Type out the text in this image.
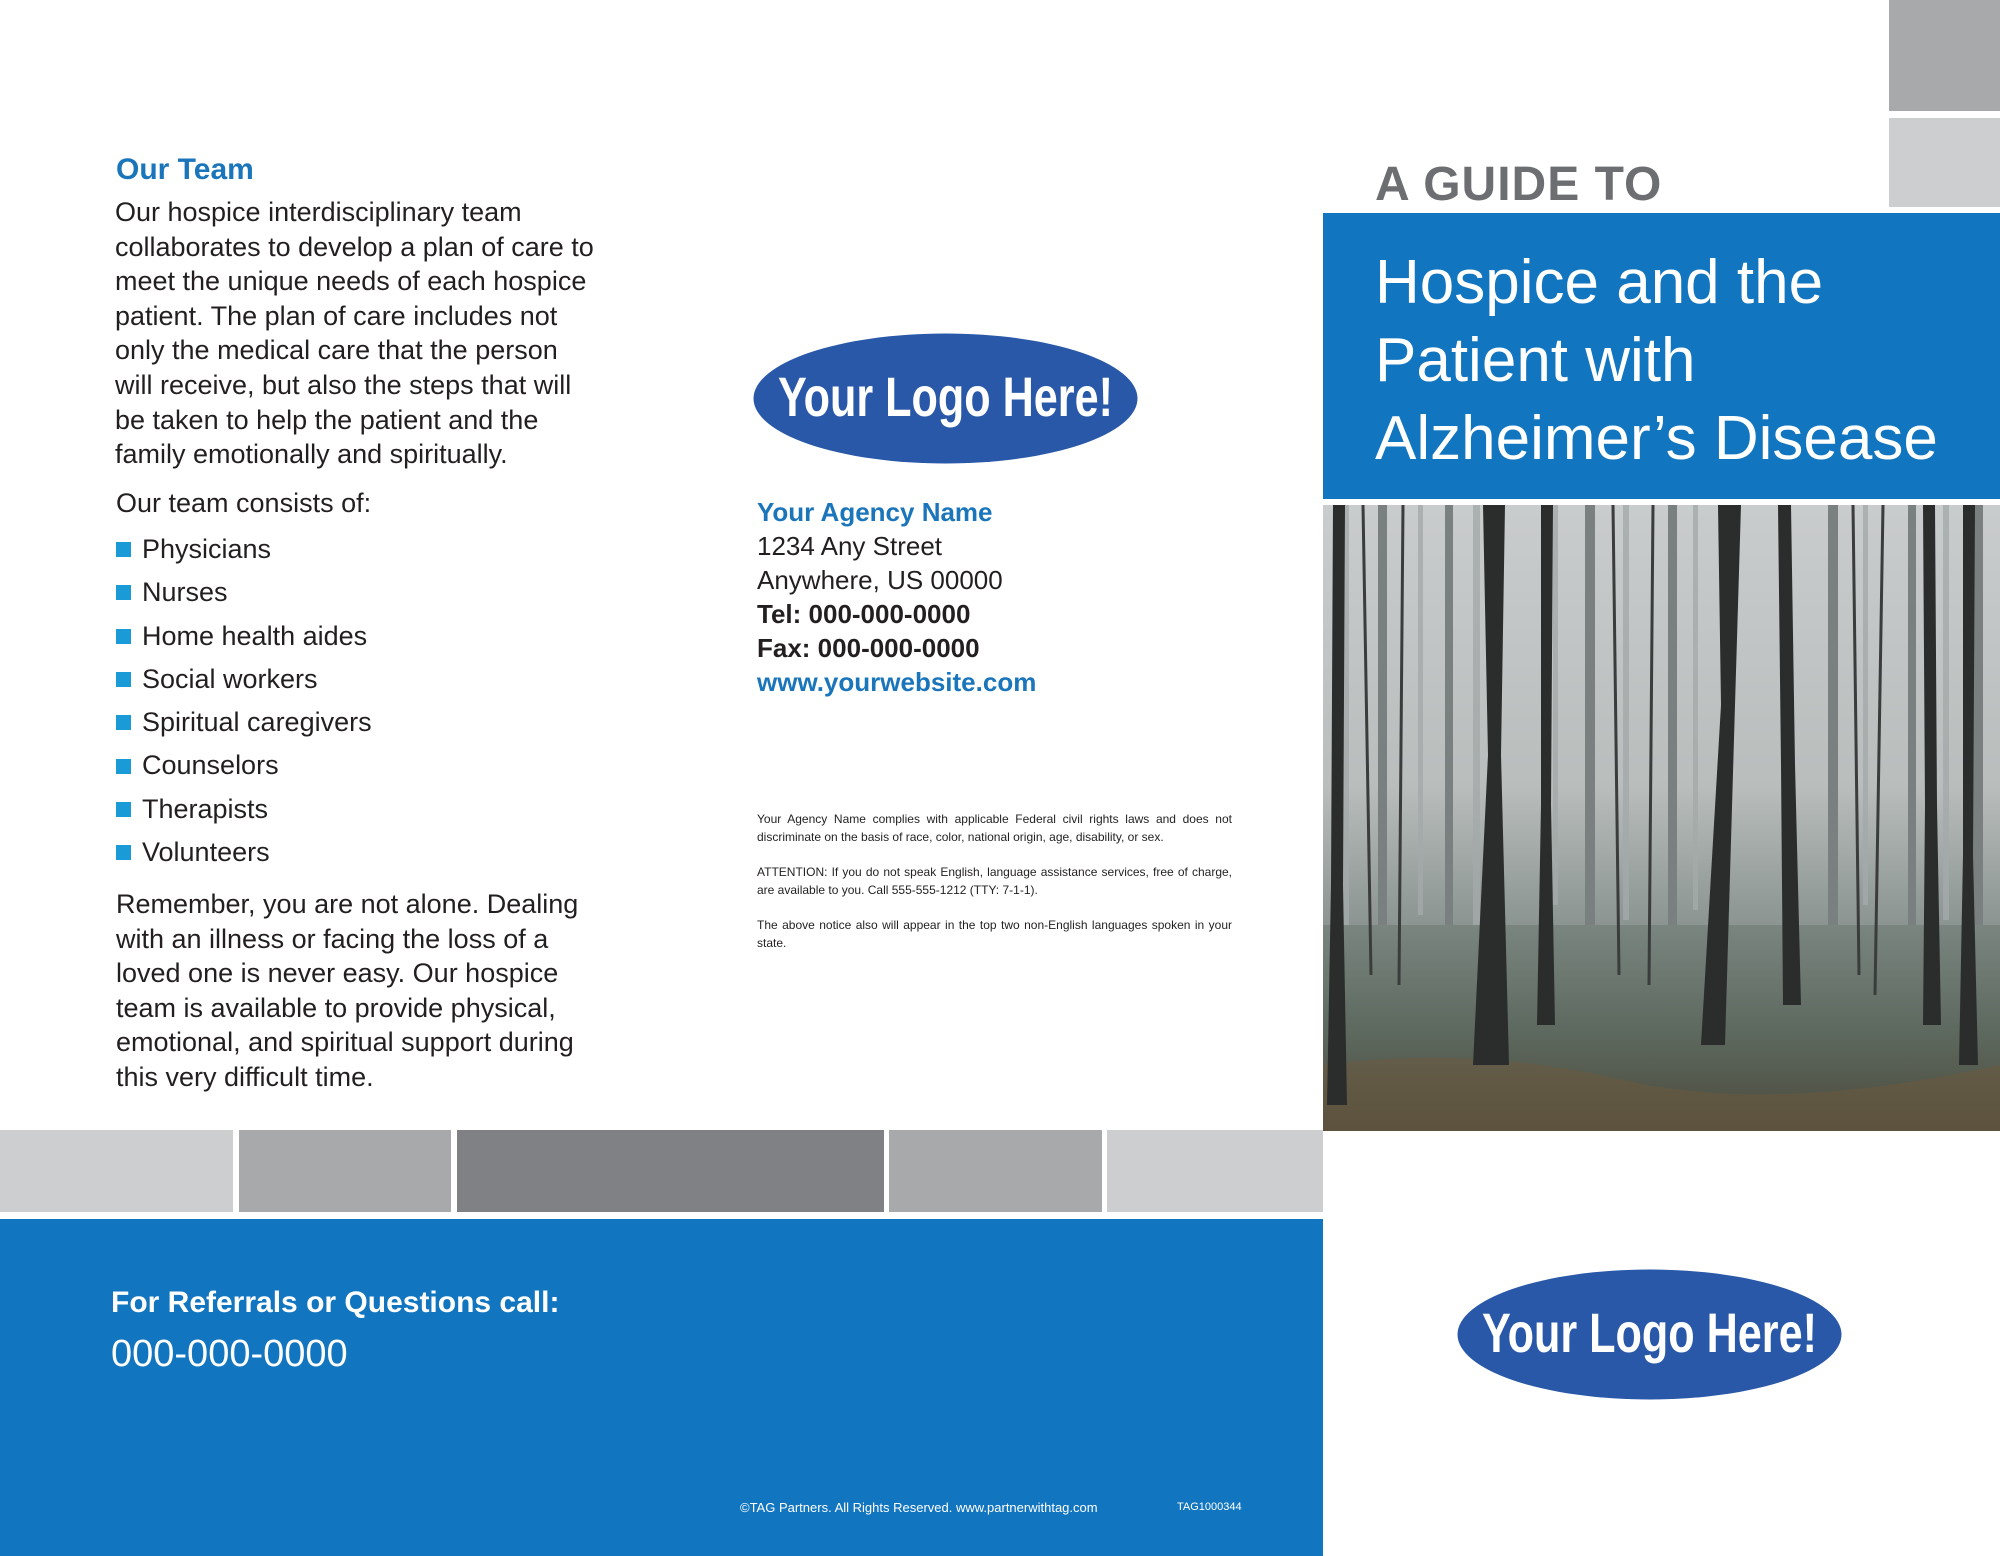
Our Team
Our hospice interdisciplinary team collaborates to develop a plan of care to meet the unique needs of each hospice patient. The plan of care includes not only the medical care that the person will receive, but also the steps that will be taken to help the patient and the family emotionally and spiritually.
Our team consists of:
Physicians
Nurses
Home health aides
Social workers
Spiritual caregivers
Counselors
Therapists
Volunteers
Remember, you are not alone. Dealing with an illness or facing the loss of a loved one is never easy. Our hospice team is available to provide physical, emotional, and spiritual support during this very difficult time.
For Referrals or Questions call:
000-000-0000
©TAG Partners. All Rights Reserved. www.partnerwithtag.com	TAG1000344
Your Logo Here!
Your Agency Name
1234 Any Street
Anywhere, US 00000
Tel: 000-000-0000
Fax: 000-000-0000
www.yourwebsite.com

Your Agency Name complies with applicable Federal civil rights laws and does not discriminate on the basis of race, color, national origin, age, disability, or sex.

ATTENTION: If you do not speak English, language assistance services, free of charge, are available to you. Call 555-555-1212 (TTY: 7-1-1).

The above notice also will appear in the top two non-English languages spoken in your state.

A GUIDE TO
Hospice and the
Patient with
Alzheimer’s Disease
Your Logo Here!
